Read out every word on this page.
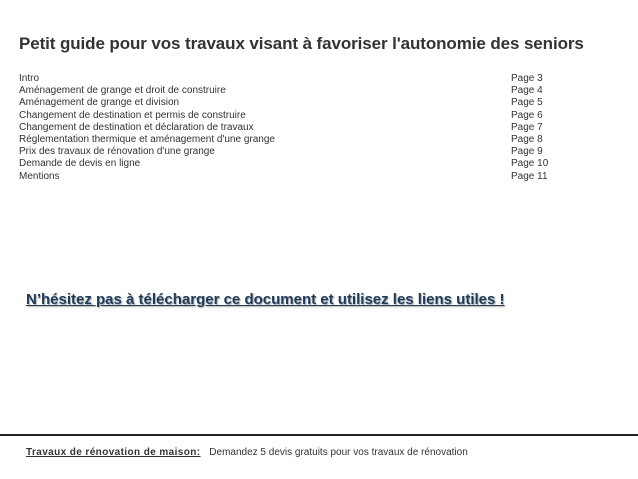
Petit guide pour vos travaux visant à favoriser l'autonomie des seniors
Intro	Page 3
Aménagement de grange et droit de construire	Page 4
Aménagement de grange et division	Page 5
Changement de destination et permis de construire	Page 6
Changement de destination et déclaration de travaux	Page 7
Réglementation thermique et aménagement d'une grange	Page 8
Prix des travaux de rénovation d'une grange	Page 9
Demande de devis en ligne	Page 10
Mentions	Page 11
N’hésitez pas à télécharger ce document et utilisez les liens utiles !
Travaux de rénovation de maison: Demandez 5 devis gratuits pour vos travaux de rénovation
